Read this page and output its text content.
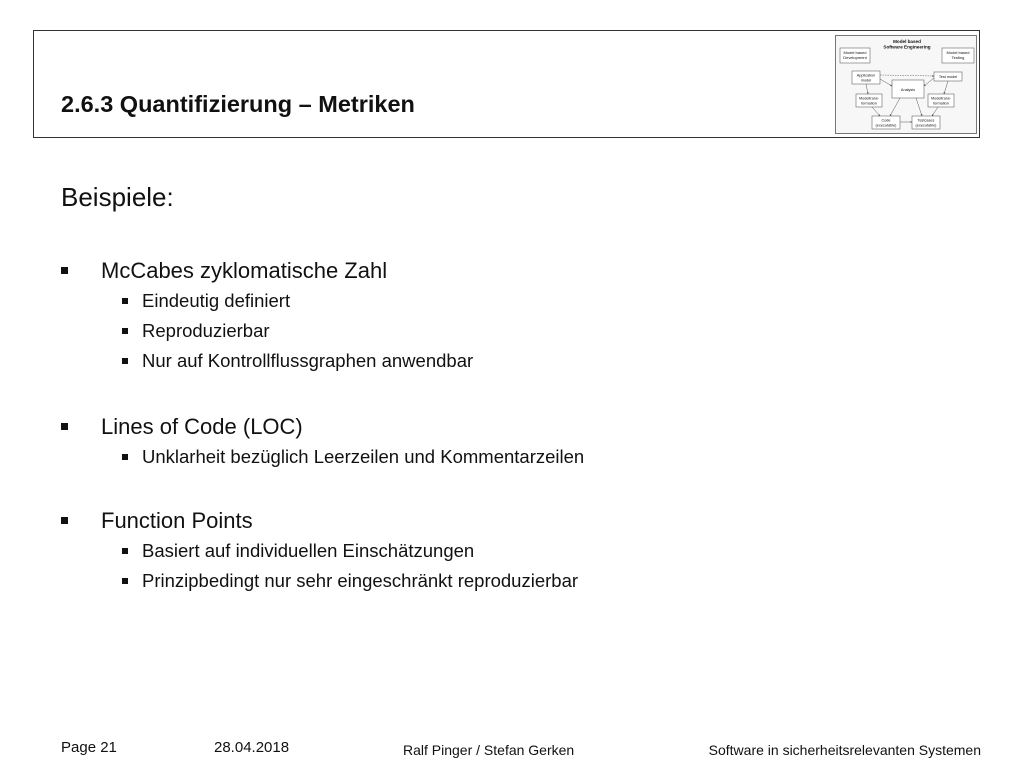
2.6.3 Quantifizierung – Metriken
Model based
Software Engineering
Model based
Development
Model based
Testing
Application
model
Test model
Analysis
Modeltrans-
formation
Modeltrans-
formation
Code
(executable)
Testcases
(executable)
Beispiele:
McCabes zyklomatische Zahl
Eindeutig definiert
Reproduzierbar
Nur auf Kontrollflussgraphen anwendbar
Lines of Code (LOC)
Unklarheit bezüglich Leerzeilen und Kommentarzeilen
Function Points
Basiert auf individuellen Einschätzungen
Prinzipbedingt nur sehr eingeschränkt reproduzierbar
Page 21	28.04.2018	Ralf Pinger / Stefan Gerken	Software in sicherheitsrelevanten Systemen
